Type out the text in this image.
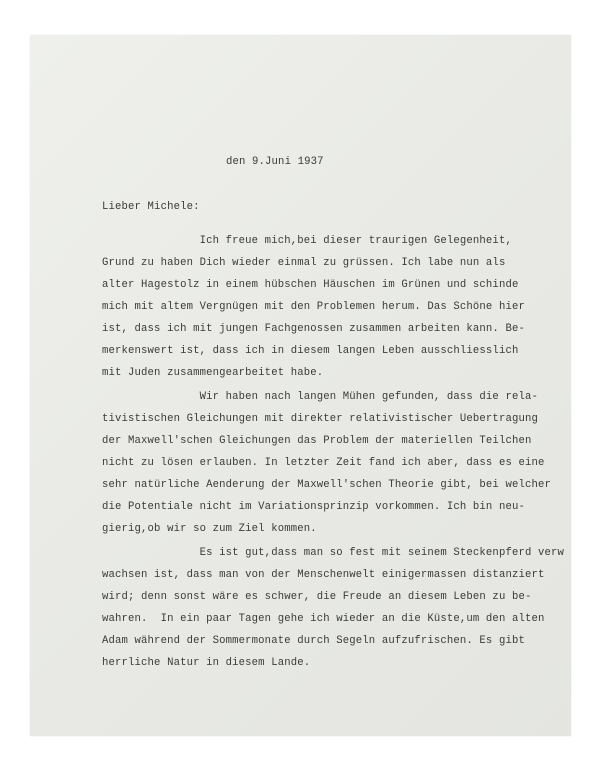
den 9.Juni 1937

Lieber Michele:

Ich freue mich,bei dieser traurigen Gelegenheit,

Grund zu haben Dich wieder einmal zu grüssen. Ich labe nun als

alter Hagestolz in einem hübschen Häuschen im Grünen und schinde

mich mit altem Vergnügen mit den Problemen herum. Das Schöne hier

ist, dass ich mit jungen Fachgenossen zusammen arbeiten kann. Be-

merkenswert ist, dass ich in diesem langen Leben ausschliesslich

mit Juden zusammengearbeitet habe.

Wir haben nach langen Mühen gefunden, dass die rela-

tivistischen Gleichungen mit direkter relativistischer Uebertragung

der Maxwell'schen Gleichungen das Problem der materiellen Teilchen

nicht zu lösen erlauben. In letzter Zeit fand ich aber, dass es eine

sehr natürliche Aenderung der Maxwell'schen Theorie gibt, bei welcher

die Potentiale nicht im Variationsprinzip vorkommen. Ich bin neu-

gierig,ob wir so zum Ziel kommen.

Es ist gut,dass man so fest mit seinem Steckenpferd verw

wachsen ist, dass man von der Menschenwelt einigermassen distanziert

wird; denn sonst wäre es schwer, die Freude an diesem Leben zu be-

wahren.  In ein paar Tagen gehe ich wieder an die Küste,um den alten

Adam während der Sommermonate durch Segeln aufzufrischen. Es gibt

herrliche Natur in diesem Lande.
